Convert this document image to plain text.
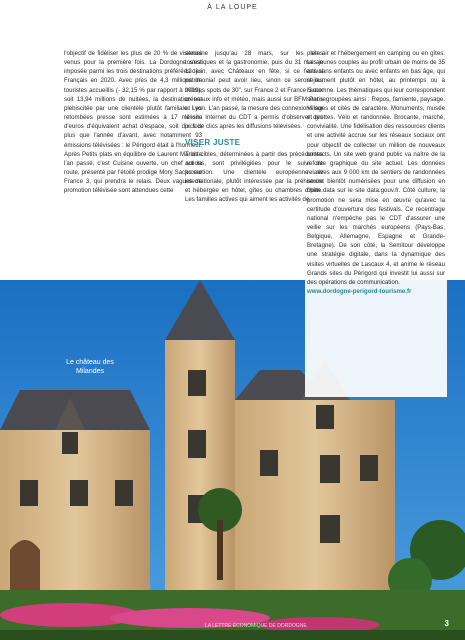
À LA LOUPE

l'objectif de fidéliser les plus de 20 % de visiteurs venus pour la première fois. La Dordogne s'est imposée parmi les trois destinations préférées des Français en 2020. Avec près de 4,3 millions de touristes accueillis (- 32,15 % par rapport à 2019), soit 13,94 millions de nuitées, la destination est plébiscitée par une clientèle plutôt familiale. Les retombées presse sont estimées à 17 millions d'euros d'équivalent achat d'espace, soit dix fois plus que l'année d'avant, avec notamment 93 émissions télévisées : le Périgord était à l'honneur. Après Petits plats en équilibre de Laurent Mariotte l'an passé, c'est Cuisine ouverte, un chef sur la route, présenté par l'étoilé prodige Mory Sacko sur France 3, qui prendra le relais. Deux vagues de promotion télévisée sont attendues cette

semaine jusqu'au 28 mars, sur les sites touristiques et la gastronomie, puis du 31 mai au 13 juin, avec Châteaux en fête, si ce festival patrimonial peut avoir lieu, sinon ce seront les mêmes spots de 30", sur France 2 et France 5 aux créneaux info et météo, mais aussi sur BFM Paris et Lyon. L'an passé, la mesure des connexions sur le site Internet du CDT a permis d'observer des pics de clics après les diffusions télévisées.

VISER JUSTE

Trois cibles, déterminées à partir des précédentes actions, sont privilégiées pour le suivi de promotion. Une clientèle européenne et internationale, plutôt intéressée par la préhistoire et hébergée en hôtel, gîtes ou chambres d'hôte. Les familles actives qui aiment les activités de

Le château des Milandes

plein air et l'hébergement en camping ou en gîtes. Les jeunes couples au profil urbain de moins de 35 ans sans enfants ou avec enfants en bas âge, qui séjournent plutôt en hôtel, au printemps ou à l'automne. Les thématiques qui leur correspondent sont regroupées ainsi : Repos, farniente, paysage. Villages et cités de caractère. Monuments, musée et grottes. Vélo et randonnée. Brocante, marché, convivialité. Une fidélisation des ressources clients et une activité accrue sur les réseaux sociaux ont pour objectif de collecter un million de nouveaux contacts. Un site web grand public va naître de la refonte graphique du site actuel. Les données relatives aux 9 000 km de sentiers de randonnées seront bientôt numérisées pour une diffusion en open data sur le site data.gouv.fr. Côté culture, la promotion ne sera mise en œuvre qu'avec la certitude d'ouverture des festivals. Ce recentrage national n'empêche pas le CDT d'assurer une veille sur les marchés européens (Pays-Bas, Belgique, Allemagne, Espagne et Grande-Bretagne). De son côté, la Semitour développe une stratégie digitale, dans la dynamique des visites virtuelles de Lascaux 4, et anime le réseau Grands sites du Périgord qui investit lui aussi sur des opérations de communication.

www.dordogne-perigord-tourisme.fr

LA LETTRE ÉCONOMIQUE DE DORDOGNE	3
